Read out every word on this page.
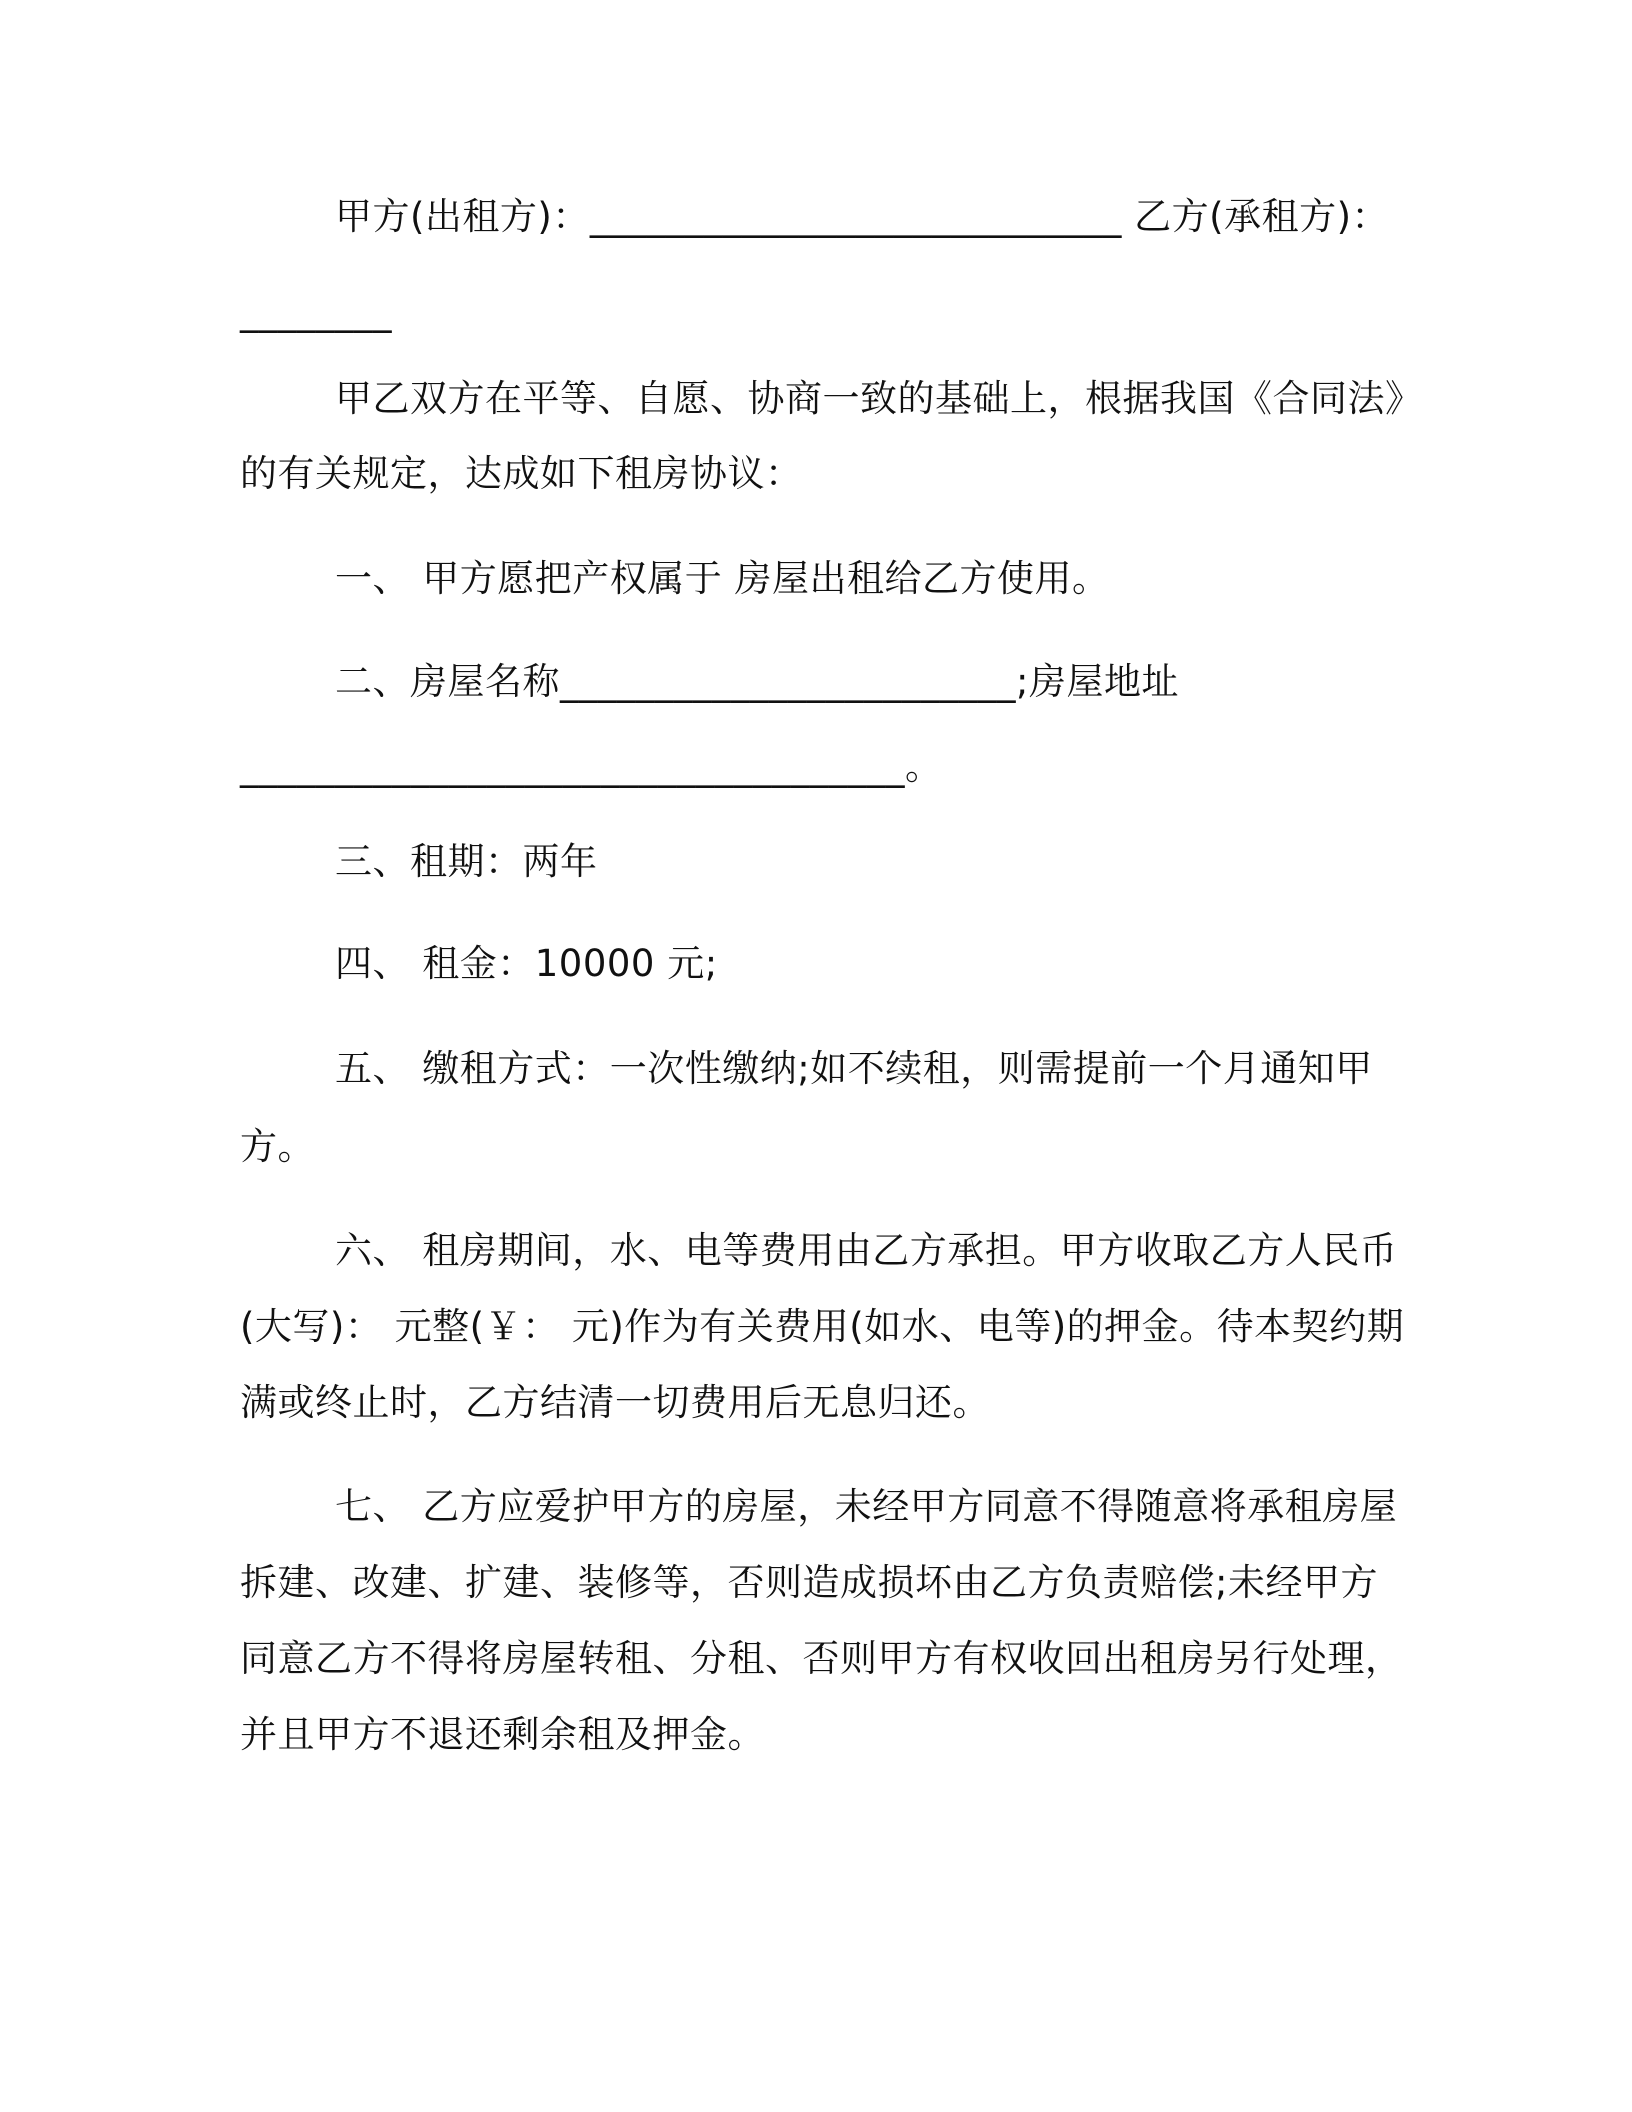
甲方(出租方)：____________________________ 乙方(承租方)：
________
甲乙双方在平等、自愿、协商一致的基础上，根据我国《合同法》
的有关规定，达成如下租房协议：
一、 甲方愿把产权属于 房屋出租给乙方使用。
二、房屋名称________________________;房屋地址
___________________________________。
三、租期：两年
四、 租金：10000 元;
五、 缴租方式：一次性缴纳;如不续租，则需提前一个月通知甲
方。
六、 租房期间，水、电等费用由乙方承担。甲方收取乙方人民币
(大写)： 元整(￥： 元)作为有关费用(如水、电等)的押金。待本契约期
满或终止时，乙方结清一切费用后无息归还。
七、 乙方应爱护甲方的房屋，未经甲方同意不得随意将承租房屋
拆建、改建、扩建、装修等，否则造成损坏由乙方负责赔偿;未经甲方
同意乙方不得将房屋转租、分租、否则甲方有权收回出租房另行处理，
并且甲方不退还剩余租及押金。
